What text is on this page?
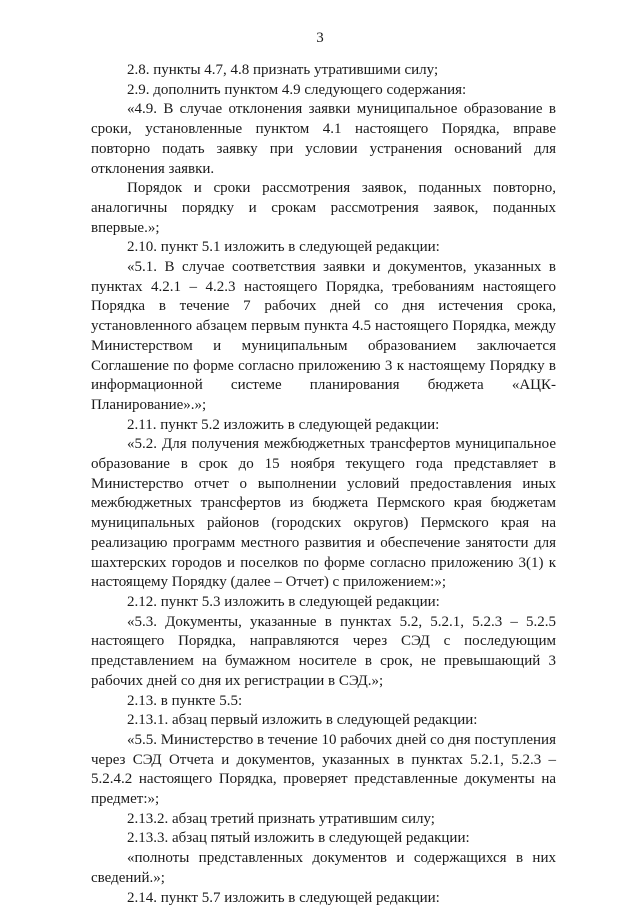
3

2.8. пункты 4.7, 4.8 признать утратившими силу;

2.9. дополнить пунктом 4.9 следующего содержания:

«4.9. В случае отклонения заявки муниципальное образование в сроки, установленные пунктом 4.1 настоящего Порядка, вправе повторно подать заявку при условии устранения оснований для отклонения заявки.

Порядок и сроки рассмотрения заявок, поданных повторно, аналогичны порядку и срокам рассмотрения заявок, поданных впервые.»;

2.10. пункт 5.1 изложить в следующей редакции:

«5.1. В случае соответствия заявки и документов, указанных в пунктах 4.2.1 – 4.2.3 настоящего Порядка, требованиям настоящего Порядка в течение 7 рабочих дней со дня истечения срока, установленного абзацем первым пункта 4.5 настоящего Порядка, между Министерством и муниципальным образованием заключается Соглашение по форме согласно приложению 3 к настоящему Порядку в информационной системе планирования бюджета «АЦК-Планирование».»;

2.11. пункт 5.2 изложить в следующей редакции:

«5.2. Для получения межбюджетных трансфертов муниципальное образование в срок до 15 ноября текущего года представляет в Министерство отчет о выполнении условий предоставления иных межбюджетных трансфертов из бюджета Пермского края бюджетам муниципальных районов (городских округов) Пермского края на реализацию программ местного развития и обеспечение занятости для шахтерских городов и поселков по форме согласно приложению 3(1) к настоящему Порядку (далее – Отчет) с приложением:»;

2.12. пункт 5.3 изложить в следующей редакции:

«5.3. Документы, указанные в пунктах 5.2, 5.2.1, 5.2.3 – 5.2.5 настоящего Порядка, направляются через СЭД с последующим представлением на бумажном носителе в срок, не превышающий 3 рабочих дней со дня их регистрации в СЭД.»;

2.13. в пункте 5.5:

2.13.1. абзац первый изложить в следующей редакции:

«5.5. Министерство в течение 10 рабочих дней со дня поступления через СЭД Отчета и документов, указанных в пунктах 5.2.1, 5.2.3 – 5.2.4.2 настоящего Порядка, проверяет представленные документы на предмет:»;

2.13.2. абзац третий признать утратившим силу;

2.13.3. абзац пятый изложить в следующей редакции:

«полноты представленных документов и содержащихся в них сведений.»;

2.14. пункт 5.7 изложить в следующей редакции:
